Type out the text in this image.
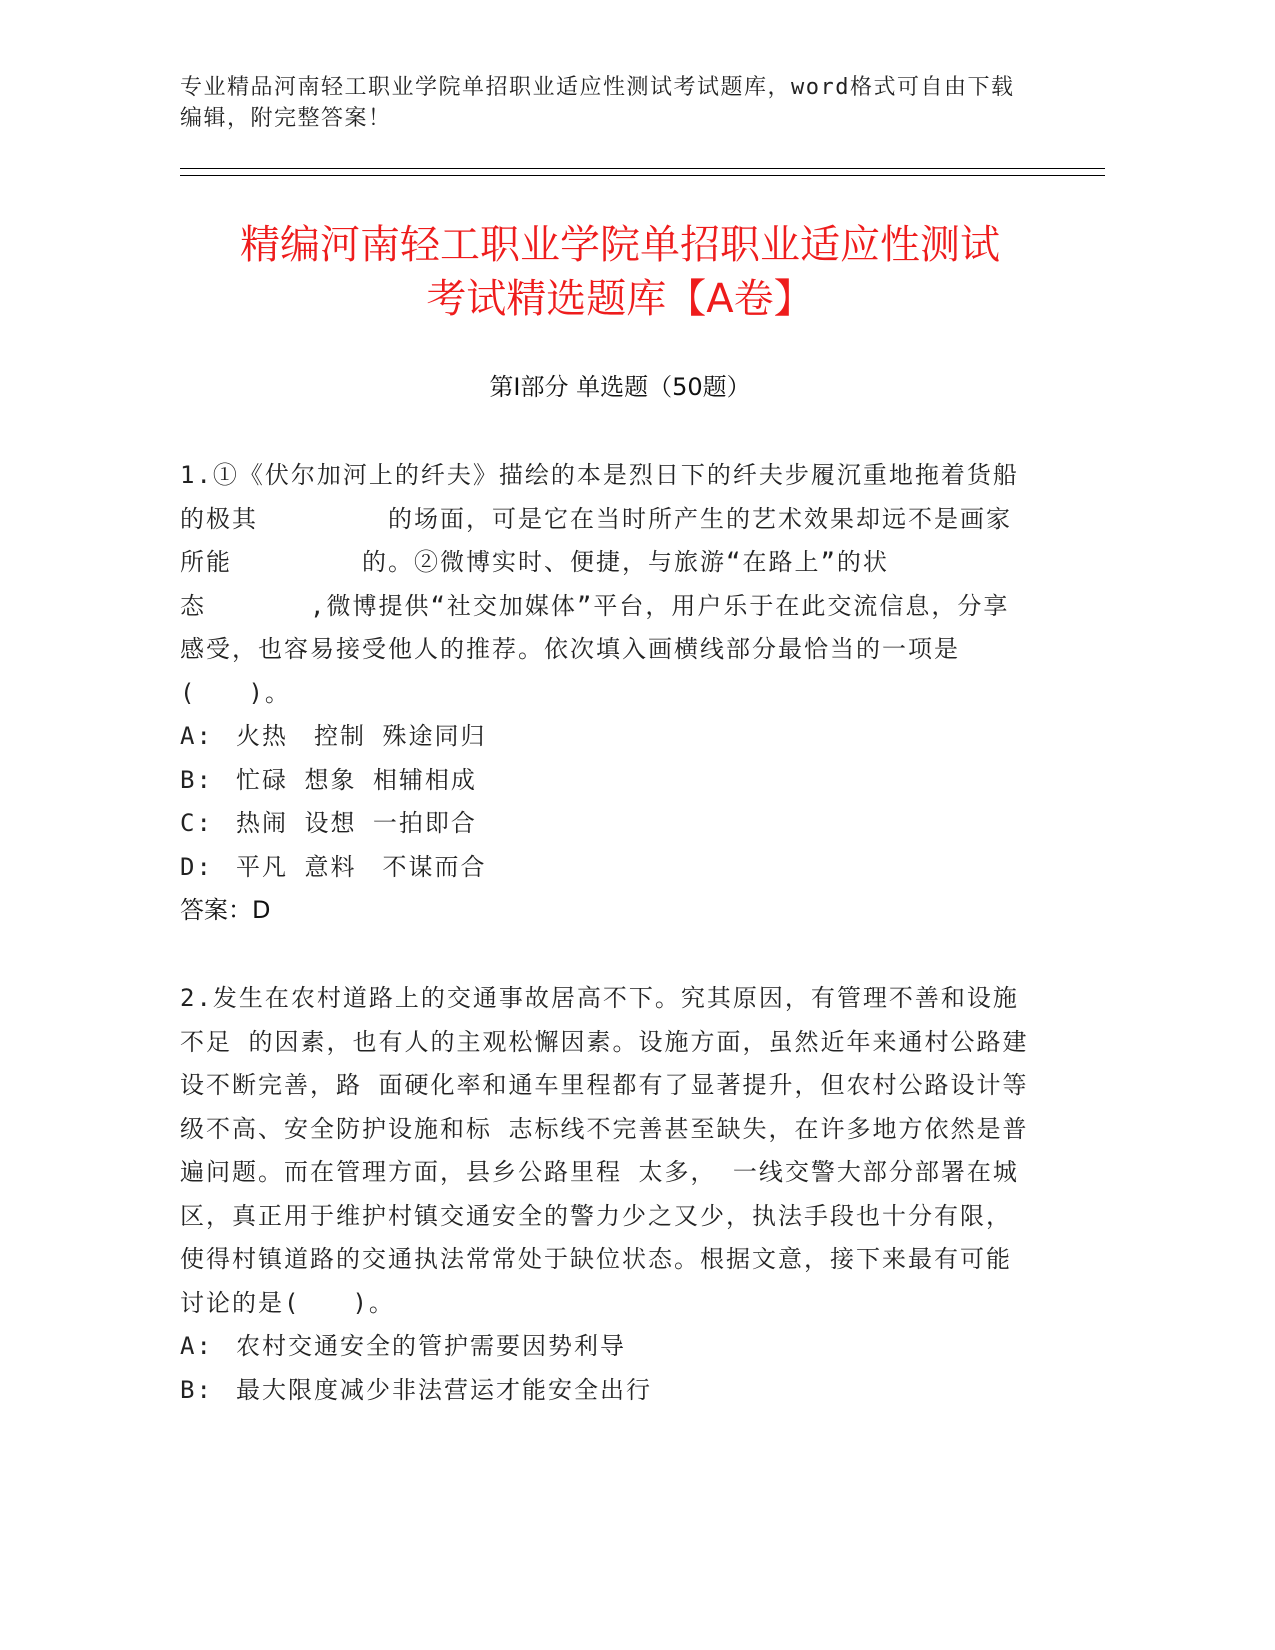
专业精品河南轻工职业学院单招职业适应性测试考试题库，word格式可自由下载编辑，附完整答案！
精编河南轻工职业学院单招职业适应性测试
考试精选题库【A卷】
第Ⅰ部分 单选题（50题）

1.①《伏尔加河上的纤夫》描绘的本是烈日下的纤夫步履沉重地拖着货船的极其　　　　　的场面，可是它在当时所产生的艺术效果却远不是画家所能　　　　　的。②微博实时、便捷，与旅游“在路上”的状态　　　　,微博提供“社交加媒体”平台，用户乐于在此交流信息，分享感受，也容易接受他人的推荐。依次填入画横线部分最恰当的一项是(　　)。

A: 火热　控制 殊途同归

B: 忙碌 想象 相辅相成

C: 热闹 设想 一拍即合

D: 平凡 意料　不谋而合

答案：D

2.发生在农村道路上的交通事故居高不下。究其原因，有管理不善和设施不足 的因素，也有人的主观松懈因素。设施方面，虽然近年来通村公路建设不断完善，路 面硬化率和通车里程都有了显著提升，但农村公路设计等级不高、安全防护设施和标 志标线不完善甚至缺失，在许多地方依然是普遍问题。而在管理方面，县乡公路里程 太多， 一线交警大部分部署在城区，真正用于维护村镇交通安全的警力少之又少，执法手段也十分有限，使得村镇道路的交通执法常常处于缺位状态。根据文意，接下来最有可能讨论的是(　　)。

A: 农村交通安全的管护需要因势利导

B: 最大限度减少非法营运才能安全出行
